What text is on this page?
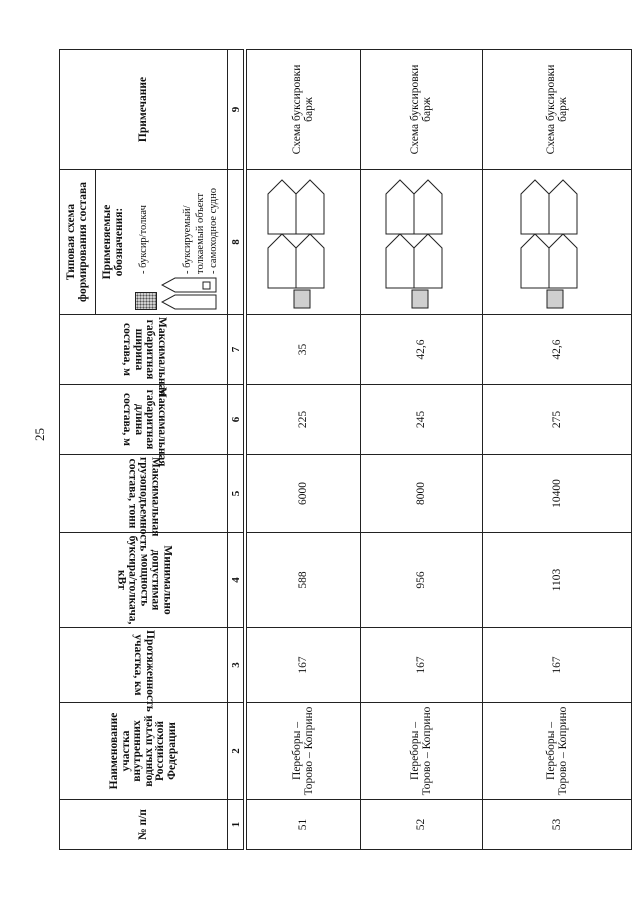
25
№ п/п	Наименование участка внутренних водных путей Российской Федерации	Протяженность участка, км	Минимально допустимая мощность буксира/толкача, кВт	Максимальная грузоподъемность состава, тонн	Максимальная габаритная длина состава, м	Максимальная габаритная ширина состава, м	Типовая схема формирования состава	Примечание

							Применяемые обозначения: - буксир/толкач - буксируемый/ толкаемый объект - самоходное судно	

1	2	3	4	5	6	7	8	9
51	Переборы – Торово – Коприно	167	588	6000	225	35		Схема буксировки барж
52	Переборы – Торово – Коприно	167	956	8000	245	42,6		Схема буксировки барж
53	Переборы – Торово – Коприно	167	1103	10400	275	42,6		Схема буксировки барж
